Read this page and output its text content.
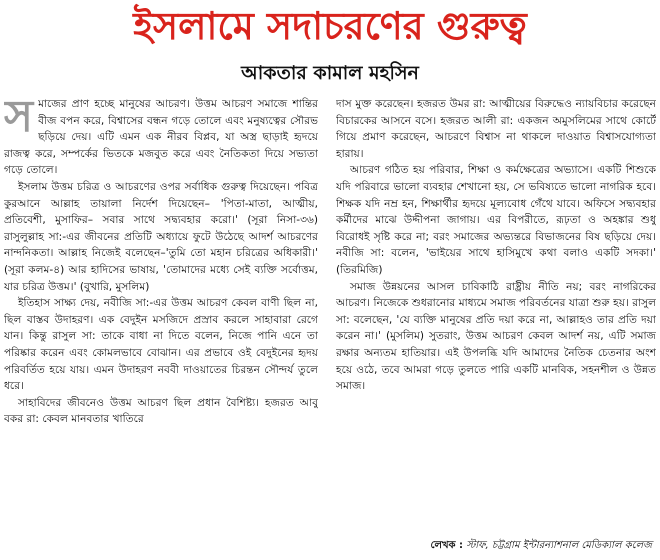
ইসলামে সদাচরণের গুরুত্ব
আকতার কামাল মহসিন

সমাজের প্রাণ হচ্ছে মানুষের আচরণ। উত্তম আচরণ সমাজে শান্তির বীজ বপন করে, বিশ্বাসের বন্ধন গড়ে তোলে এবং মনুষ্যত্বের সৌরভ ছড়িয়ে দেয়। এটি এমন এক নীরব বিপ্লব, যা অস্ত্র ছাড়াই হৃদয়ে রাজত্ব করে, সম্পর্কের ভিতকে মজবুত করে এবং নৈতিকতা দিয়ে সভ্যতা গড়ে তোলে।

ইসলাম উত্তম চরিত্র ও আচরণের ওপর সর্বাধিক গুরুত্ব দিয়েছেন। পবিত্র কুরআনে আল্লাহ তায়ালা নির্দেশ দিয়েছেন– 'পিতা-মাতা, আত্মীয়, প্রতিবেশী, মুসাফির– সবার সাথে সদ্ব্যবহার করো।' (সূরা নিসা-৩৬) রাসুলুল্লাহ সা:-এর জীবনের প্রতিটি অধ্যায়ে ফুটে উঠেছে আদর্শ আচরণের নান্দনিকতা। আল্লাহ নিজেই বলেছেন–'তুমি তো মহান চরিত্রের অধিকারী।' (সূরা কলম-৪) আর হাদিসের ভাষায়, 'তোমাদের মধ্যে সেই ব্যক্তি সর্বোত্তম, যার চরিত্র উত্তম।' (বুখারি, মুসলিম)

ইতিহাস সাক্ষ্য দেয়, নবীজি সা:-এর উত্তম আচরণ কেবল বাণী ছিল না, ছিল বাস্তব উদাহরণ। এক বেদুইন মসজিদে প্রস্রাব করলে সাহাবারা রেগে যান। কিন্তু রাসুল সা: তাকে বাধা না দিতে বলেন, নিজে পানি এনে তা পরিষ্কার করেন এবং কোমলভাবে বোঝান। এর প্রভাবে ওই বেদুইনের হৃদয় পরিবর্তিত হয়ে যায়। এমন উদাহরণ নববী দাওয়াতের চিরন্তন সৌন্দর্য তুলে ধরে।

সাহাবিদের জীবনেও উত্তম আচরণ ছিল প্রধান বৈশিষ্ট্য। হজরত আবু বকর রা: কেবল মানবতার খাতিরে

দাস মুক্ত করেছেন। হজরত উমর রা: আত্মীয়ের বিরুদ্ধেও ন্যায়বিচার করেছেন বিচারকের আসনে বসে। হজরত আলী রা: একজন অমুসলিমের সাথে কোর্টে গিয়ে প্রমাণ করেছেন, আচরণে বিশ্বাস না থাকলে দাওয়াত বিশ্বাসযোগ্যতা হারায়।

আচরণ গঠিত হয় পরিবার, শিক্ষা ও কর্মক্ষেত্রের অভ্যাসে। একটি শিশুকে যদি পরিবারে ভালো ব্যবহার শেখানো হয়, সে ভবিষ্যতে ভালো নাগরিক হবে। শিক্ষক যদি নম্র হন, শিক্ষার্থীর হৃদয়ে মূল্যবোধ গেঁথে যাবে। অফিসে সদ্ব্যবহার কর্মীদের মাঝে উদ্দীপনা জাগায়। এর বিপরীতে, রূঢ়তা ও অহঙ্কার শুধু বিরোধই সৃষ্টি করে না; বরং সমাজের অভ্যন্তরে বিভাজনের বিষ ছড়িয়ে দেয়। নবীজি সা: বলেন, 'ভাইয়ের সাথে হাসিমুখে কথা বলাও একটি সদকা।' (তিরমিজি)

সমাজ উন্নয়নের আসল চাবিকাঠি রাষ্ট্রীয় নীতি নয়; বরং নাগরিকের আচরণ। নিজেকে শুধরানোর মাধ্যমে সমাজ পরিবর্তনের যাত্রা শুরু হয়। রাসুল সা: বলেছেন, 'যে ব্যক্তি মানুষের প্রতি দয়া করে না, আল্লাহও তার প্রতি দয়া করেন না।' (মুসলিম) সুতরাং, উত্তম আচরণ কেবল আদর্শ নয়, এটি সমাজ রক্ষার অন্যতম হাতিয়ার। এই উপলব্ধি যদি আমাদের নৈতিক চেতনার অংশ হয়ে ওঠে, তবে আমরা গড়ে তুলতে পারি একটি মানবিক, সহনশীল ও উন্নত সমাজ।

লেখক : স্টাফ, চট্টগ্রাম ইন্টারন্যাশনাল মেডিক্যাল কলেজ
